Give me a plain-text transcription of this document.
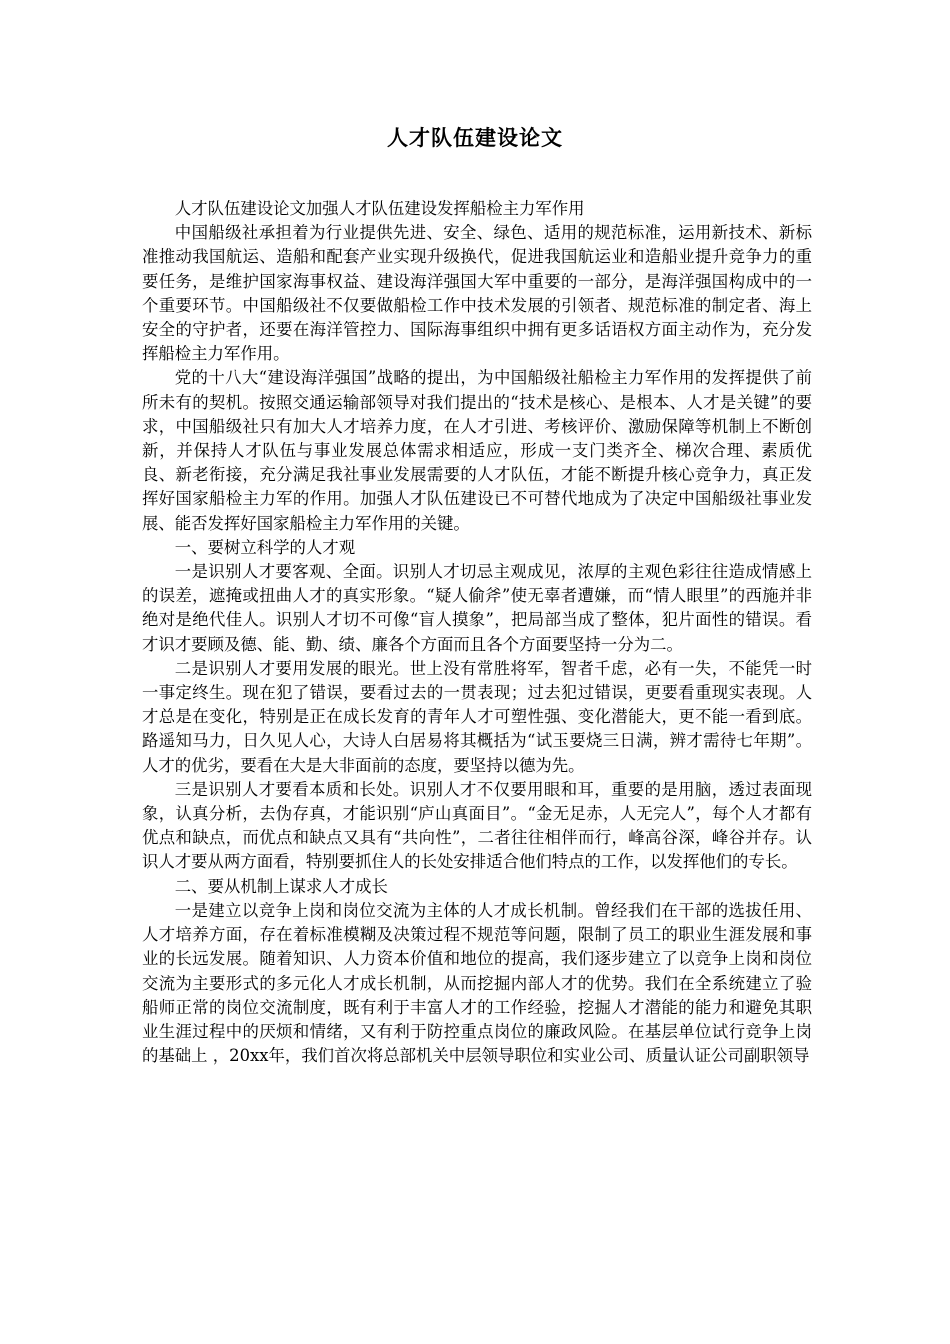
人才队伍建设论文

人才队伍建设论文加强人才队伍建设发挥船检主力军作用

中国船级社承担着为行业提供先进、安全、绿色、适用的规范标准，运用新技术、新标准推动我国航运、造船和配套产业实现升级换代，促进我国航运业和造船业提升竞争力的重要任务，是维护国家海事权益、建设海洋强国大军中重要的一部分，是海洋强国构成中的一个重要环节。中国船级社不仅要做船检工作中技术发展的引领者、规范标准的制定者、海上安全的守护者，还要在海洋管控力、国际海事组织中拥有更多话语权方面主动作为，充分发挥船检主力军作用。

党的十八大“建设海洋强国”战略的提出，为中国船级社船检主力军作用的发挥提供了前所未有的契机。按照交通运输部领导对我们提出的“技术是核心、是根本、人才是关键”的要求，中国船级社只有加大人才培养力度，在人才引进、考核评价、激励保障等机制上不断创新，并保持人才队伍与事业发展总体需求相适应，形成一支门类齐全、梯次合理、素质优良、新老衔接，充分满足我社事业发展需要的人才队伍，才能不断提升核心竞争力，真正发挥好国家船检主力军的作用。加强人才队伍建设已不可替代地成为了决定中国船级社事业发展、能否发挥好国家船检主力军作用的关键。

一、要树立科学的人才观

一是识别人才要客观、全面。识别人才切忌主观成见，浓厚的主观色彩往往造成情感上的误差，遮掩或扭曲人才的真实形象。“疑人偷斧”使无辜者遭嫌，而“情人眼里”的西施并非绝对是绝代佳人。识别人才切不可像“盲人摸象”，把局部当成了整体，犯片面性的错误。看才识才要顾及德、能、勤、绩、廉各个方面而且各个方面要坚持一分为二。

二是识别人才要用发展的眼光。世上没有常胜将军，智者千虑，必有一失，不能凭一时一事定终生。现在犯了错误，要看过去的一贯表现；过去犯过错误，更要看重现实表现。人才总是在变化，特别是正在成长发育的青年人才可塑性强、变化潜能大，更不能一看到底。路遥知马力，日久见人心，大诗人白居易将其概括为“试玉要烧三日满，辨才需待七年期”。人才的优劣，要看在大是大非面前的态度，要坚持以德为先。

三是识别人才要看本质和长处。识别人才不仅要用眼和耳，重要的是用脑，透过表面现象，认真分析，去伪存真，才能识别“庐山真面目”。“金无足赤，人无完人”，每个人才都有优点和缺点，而优点和缺点又具有“共向性”，二者往往相伴而行，峰高谷深，峰谷并存。认识人才要从两方面看，特别要抓住人的长处安排适合他们特点的工作，以发挥他们的专长。

二、要从机制上谋求人才成长

一是建立以竞争上岗和岗位交流为主体的人才成长机制。曾经我们在干部的选拔任用、人才培养方面，存在着标准模糊及决策过程不规范等问题，限制了员工的职业生涯发展和事业的长远发展。随着知识、人力资本价值和地位的提高，我们逐步建立了以竞争上岗和岗位交流为主要形式的多元化人才成长机制，从而挖掘内部人才的优势。我们在全系统建立了验船师正常的岗位交流制度，既有利于丰富人才的工作经验，挖掘人才潜能的能力和避免其职业生涯过程中的厌烦和情绪，又有利于防控重点岗位的廉政风险。在基层单位试行竞争上岗的基础上 ，20xx年，我们首次将总部机关中层领导职位和实业公司、质量认证公司副职领导
